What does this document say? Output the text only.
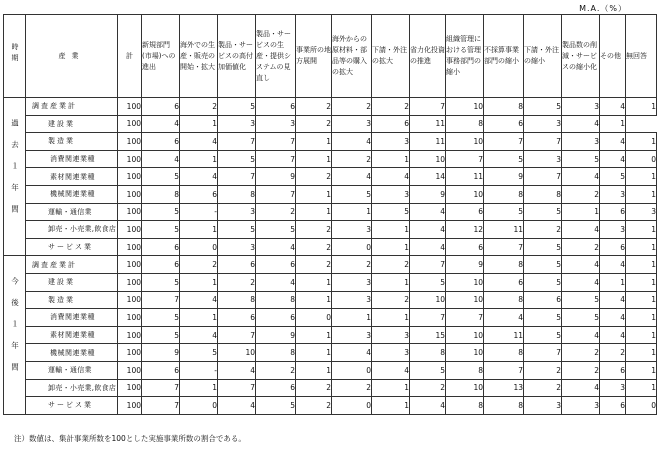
M.A.（%）
時期	産業	計	新規部門(市場)への進出	海外での生産・販売の開始・拡大	製品・サービスの高付加価値化	製品・サービスの生産・提供システムの見直し	事業所の地方展開	海外からの原材料・部品等の購入の拡大	下請・外注の拡大	省力化投資の推進	組織管理における管理事務部門の縮小	不採算事業部門の縮小	下請・外注の縮小	製品数の削減・サービスの縮小化	その他	無回答
過去１年間	調査産業計	100	6	2	5	6	2	2	2	7	10	8	5	3	4	1
	建設業	100	4	1	3	3	2	3	6	11	8	6	3	4	1	
	製造業	100	6	4	7	7	1	4	3	11	10	7	7	3	4	1
	消費関連業種	100	4	1	5	7	1	2	1	10	7	5	3	5	4	0
	素材関連業種	100	5	4	7	9	2	4	4	14	11	9	7	4	5	1
	機械関連業種	100	8	6	8	7	1	5	3	9	10	8	8	2	3	1
	運輸・通信業	100	5	-	3	2	1	1	5	4	6	5	5	1	6	3
	卸売・小売業,飲食店	100	5	1	5	5	2	3	1	4	12	11	2	4	3	1
	サービス業	100	6	0	3	4	2	0	1	4	6	7	5	2	6	1
今後１年間	調査産業計	100	6	2	6	6	2	2	2	7	9	8	5	4	4	1
	建設業	100	5	1	2	4	1	3	1	5	10	6	5	4	1	1
	製造業	100	7	4	8	8	1	3	2	10	10	8	6	5	4	1
	消費関連業種	100	5	1	6	6	0	1	1	7	7	4	5	5	4	1
	素材関連業種	100	5	4	7	9	1	3	3	15	10	11	5	4	4	1
	機械関連業種	100	9	5	10	8	1	4	3	8	10	8	7	2	2	1
	運輸・通信業	100	6	-	4	2	1	0	4	5	8	7	2	2	6	1
	卸売・小売業,飲食店	100	7	1	7	6	2	2	1	2	10	13	2	4	3	1
	サービス業	100	7	0	4	5	2	0	1	4	8	8	3	3	6	0
注）数値は、集計事業所数を100とした実施事業所数の割合である。
